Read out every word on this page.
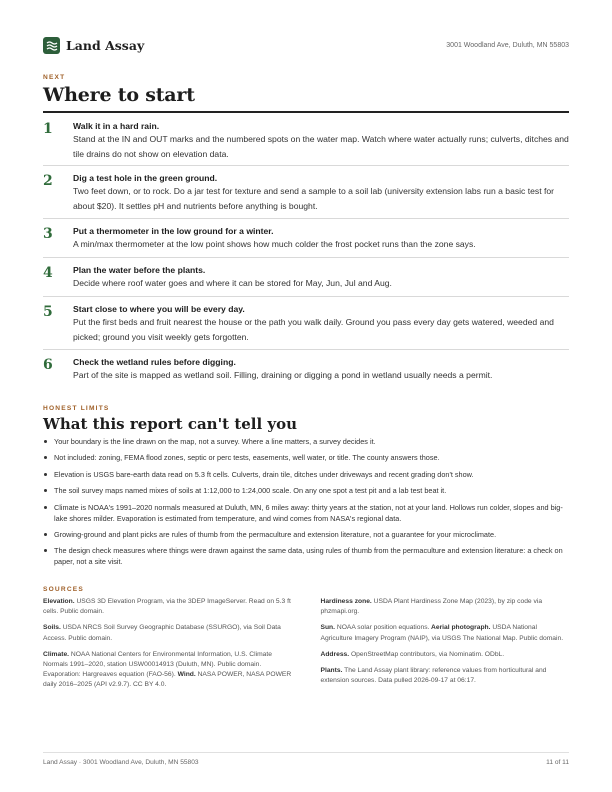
Land Assay	3001 Woodland Ave, Duluth, MN 55803
NEXT
Where to start
1 Walk it in a hard rain.
Stand at the IN and OUT marks and the numbered spots on the water map. Watch where water actually runs; culverts, ditches and tile drains do not show on elevation data.
2 Dig a test hole in the green ground.
Two feet down, or to rock. Do a jar test for texture and send a sample to a soil lab (university extension labs run a basic test for about $20). It settles pH and nutrients before anything is bought.
3 Put a thermometer in the low ground for a winter.
A min/max thermometer at the low point shows how much colder the frost pocket runs than the zone says.
4 Plan the water before the plants.
Decide where roof water goes and where it can be stored for May, Jun, Jul and Aug.
5 Start close to where you will be every day.
Put the first beds and fruit nearest the house or the path you walk daily. Ground you pass every day gets watered, weeded and picked; ground you visit weekly gets forgotten.
6 Check the wetland rules before digging.
Part of the site is mapped as wetland soil. Filling, draining or digging a pond in wetland usually needs a permit.
HONEST LIMITS
What this report can't tell you
Your boundary is the line drawn on the map, not a survey. Where a line matters, a survey decides it.
Not included: zoning, FEMA flood zones, septic or perc tests, easements, well water, or title. The county answers those.
Elevation is USGS bare-earth data read on 5.3 ft cells. Culverts, drain tile, ditches under driveways and recent grading don't show.
The soil survey maps named mixes of soils at 1:12,000 to 1:24,000 scale. On any one spot a test pit and a lab test beat it.
Climate is NOAA's 1991–2020 normals measured at Duluth, MN, 6 miles away: thirty years at the station, not at your land. Hollows run colder, slopes and big-lake shores milder. Evaporation is estimated from temperature, and wind comes from NASA's regional data.
Growing-ground and plant picks are rules of thumb from the permaculture and extension literature, not a guarantee for your microclimate.
The design check measures where things were drawn against the same data, using rules of thumb from the permaculture and extension literature: a check on paper, not a site visit.
SOURCES
Elevation. USGS 3D Elevation Program, via the 3DEP ImageServer. Read on 5.3 ft cells. Public domain.
Soils. USDA NRCS Soil Survey Geographic Database (SSURGO), via Soil Data Access. Public domain.
Climate. NOAA National Centers for Environmental Information, U.S. Climate Normals 1991–2020, station USW00014913 (Duluth, MN). Public domain. Evaporation: Hargreaves equation (FAO-56). Wind. NASA POWER, NASA POWER daily 2016–2025 (API v2.9.7). CC BY 4.0.
Hardiness zone. USDA Plant Hardiness Zone Map (2023), by zip code via phzmapi.org.
Sun. NOAA solar position equations. Aerial photograph. USDA National Agriculture Imagery Program (NAIP), via USGS The National Map. Public domain.
Address. OpenStreetMap contributors, via Nominatim. ODbL.
Plants. The Land Assay plant library: reference values from horticultural and extension sources. Data pulled 2026-09-17 at 06:17.
Land Assay · 3001 Woodland Ave, Duluth, MN 55803	11 of 11
